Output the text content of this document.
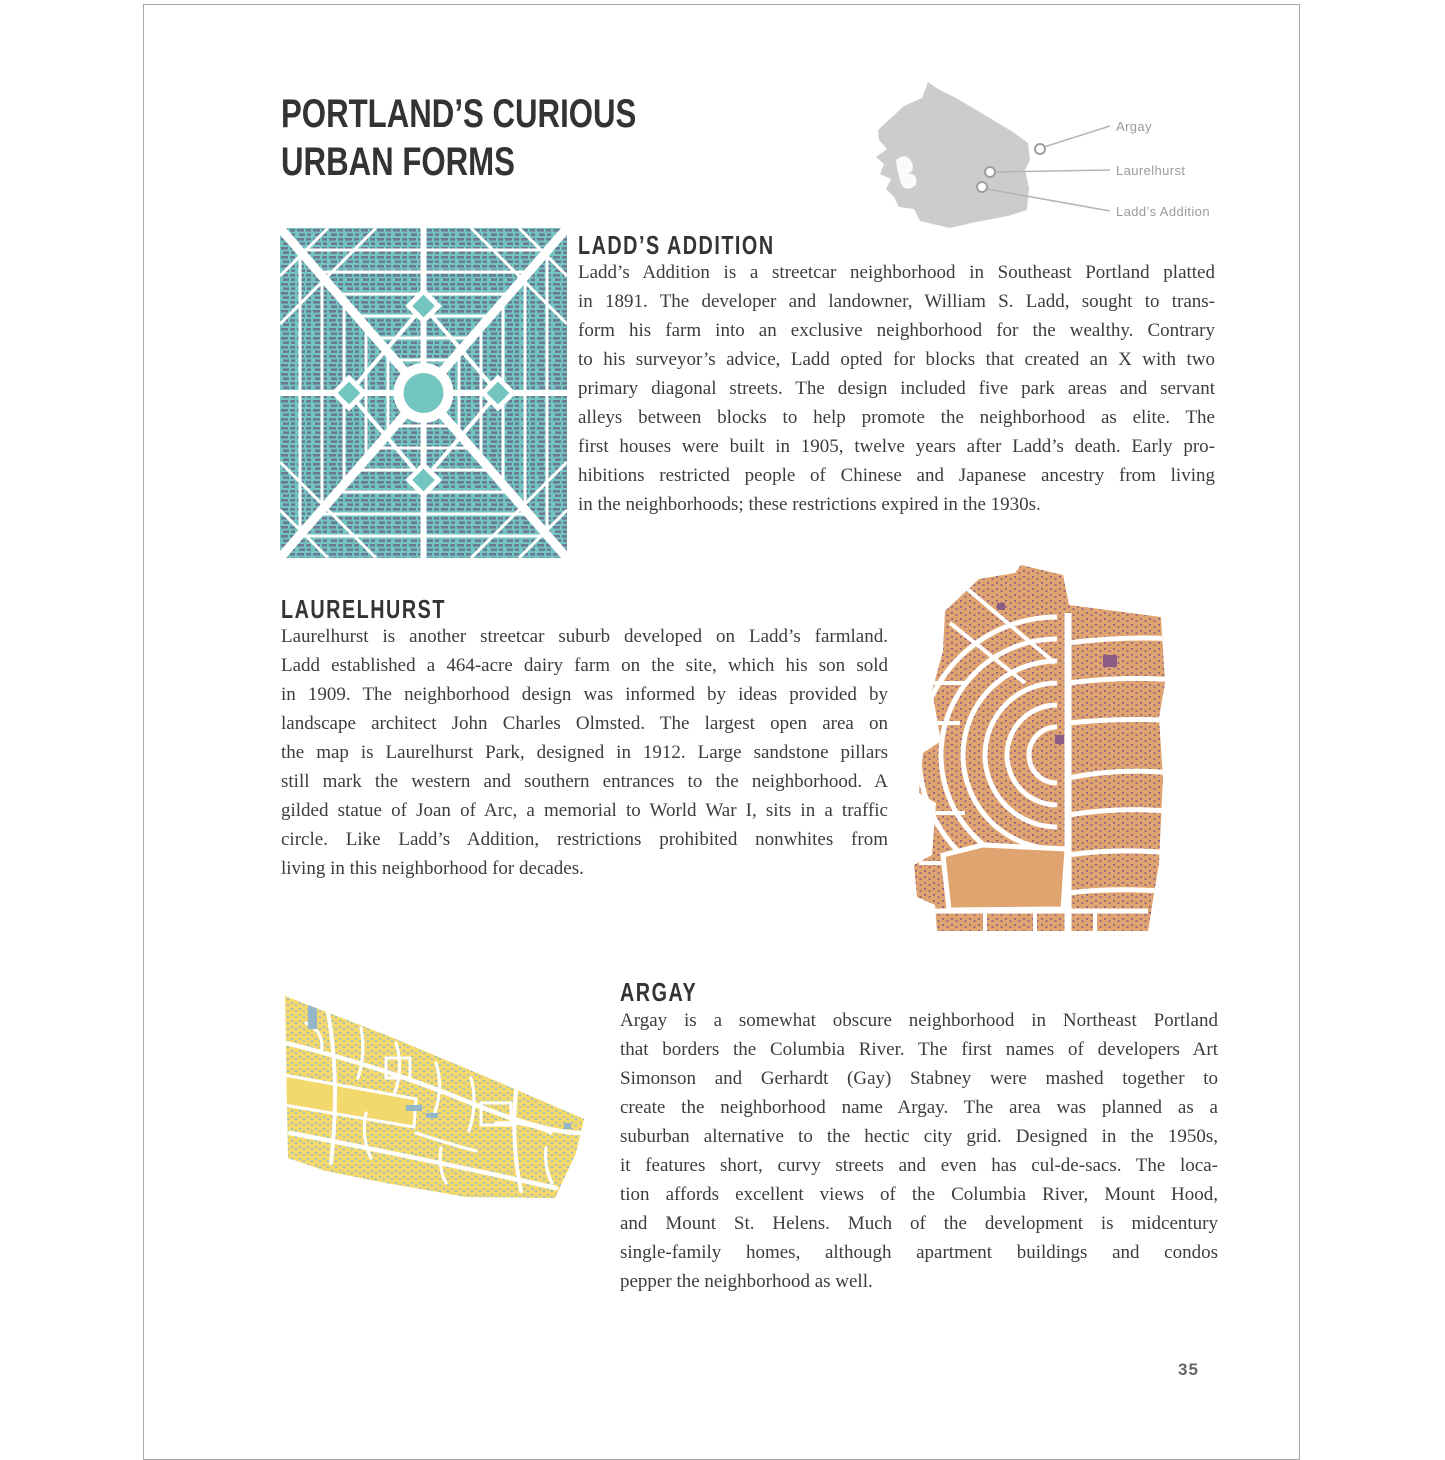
PORTLAND’S CURIOUS
URBAN FORMS
Argay
Laurelhurst
Ladd’s Addition
LADD’S ADDITION
Ladd’s Addition is a streetcar neighborhood in Southeast Portland platted
in 1891. The developer and landowner, William S. Ladd, sought to trans-
form his farm into an exclusive neighborhood for the wealthy. Contrary
to his surveyor’s advice, Ladd opted for blocks that created an X with two
primary diagonal streets. The design included five park areas and servant
alleys between blocks to help promote the neighborhood as elite. The
first houses were built in 1905, twelve years after Ladd’s death. Early pro-
hibitions restricted people of Chinese and Japanese ancestry from living
in the neighborhoods; these restrictions expired in the 1930s.
LAURELHURST
Laurelhurst is another streetcar suburb developed on Ladd’s farmland.
Ladd established a 464-acre dairy farm on the site, which his son sold
in 1909. The neighborhood design was informed by ideas provided by
landscape architect John Charles Olmsted. The largest open area on
the map is Laurelhurst Park, designed in 1912. Large sandstone pillars
still mark the western and southern entrances to the neighborhood. A
gilded statue of Joan of Arc, a memorial to World War I, sits in a traffic
circle. Like Ladd’s Addition, restrictions prohibited nonwhites from
living in this neighborhood for decades.
ARGAY
Argay is a somewhat obscure neighborhood in Northeast Portland
that borders the Columbia River. The first names of developers Art
Simonson and Gerhardt (Gay) Stabney were mashed together to
create the neighborhood name Argay. The area was planned as a
suburban alternative to the hectic city grid. Designed in the 1950s,
it features short, curvy streets and even has cul-de-sacs. The loca-
tion affords excellent views of the Columbia River, Mount Hood,
and Mount St. Helens. Much of the development is midcentury
single-family homes, although apartment buildings and condos
pepper the neighborhood as well.
35
